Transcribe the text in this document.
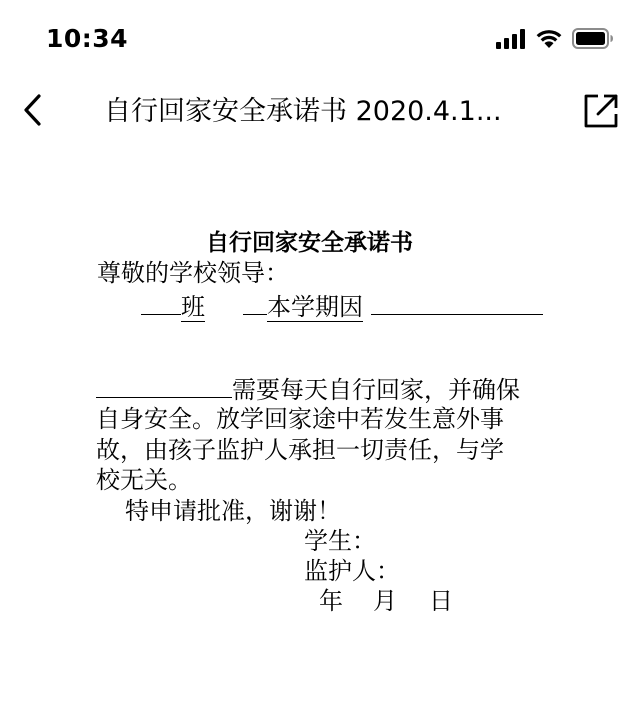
10:34
自行回家安全承诺书 2020.4.1...
自行回家安全承诺书
尊敬的学校领导：
班	本学期因
需要每天自行回家，并确保
自身安全。放学回家途中若发生意外事
故，由孩子监护人承担一切责任，与学
校无关。
特申请批准，谢谢！
学生：
监护人：
年 月 日
